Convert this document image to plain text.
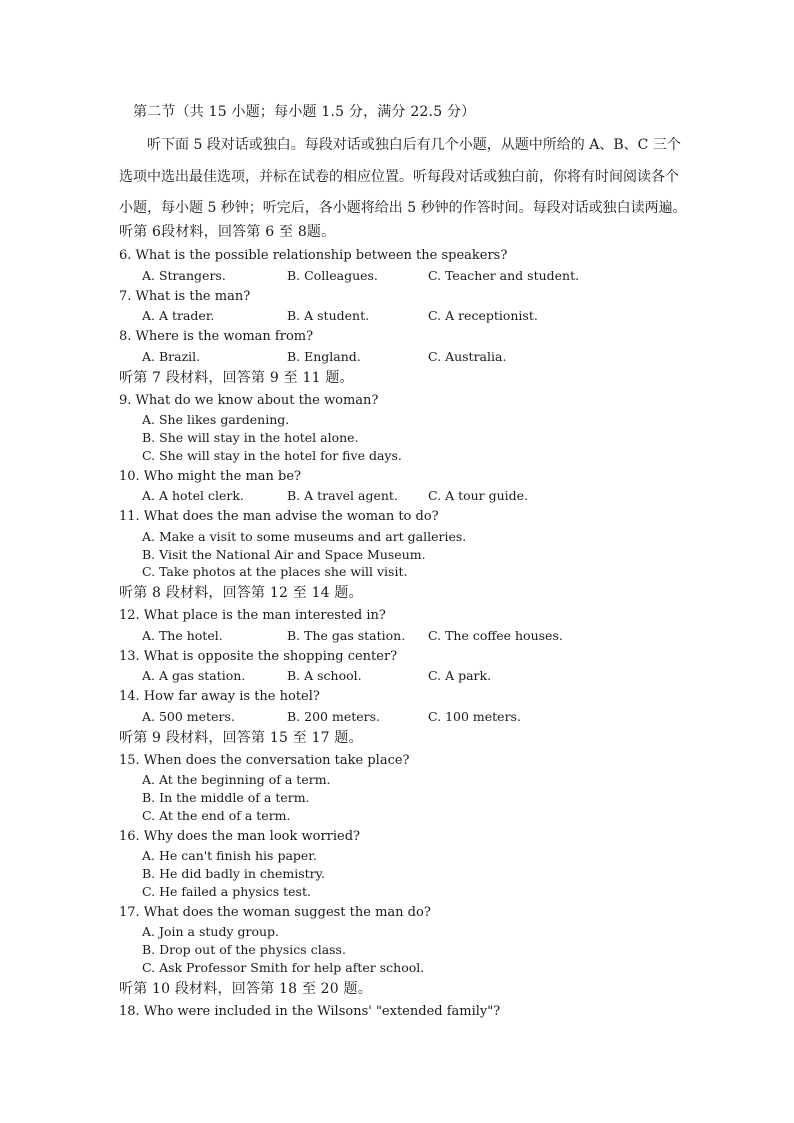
第二节（共 15 小题；每小题 1.5 分，满分 22.5 分）
听下面 5 段对话或独白。每段对话或独白后有几个小题，从题中所给的 A、B、C 三个
选项中选出最佳选项，并标在试卷的相应位置。听每段对话或独白前，你将有时间阅读各个
小题，每小题 5 秒钟；听完后，各小题将给出 5 秒钟的作答时间。每段对话或独白读两遍。
听第 6段材料，回答第 6 至 8题。
6. What is the possible relationship between the speakers?
A. Strangers.	B. Colleagues.	C. Teacher and student.
7. What is the man?
A. A trader.	B. A student.	C. A receptionist.
8. Where is the woman from?
A. Brazil.	B. England.	C. Australia.
听第 7 段材料，回答第 9 至 11 题。
9. What do we know about the woman?
A. She likes gardening.
B. She will stay in the hotel alone.
C. She will stay in the hotel for five days.
10. Who might the man be?
A. A hotel clerk.	B. A travel agent. C. A tour guide.
11. What does the man advise the woman to do?
A. Make a visit to some museums and art galleries.
B. Visit the National Air and Space Museum.
C. Take photos at the places she will visit.
听第 8 段材料，回答第 12 至 14 题。
12. What place is the man interested in?
A. The hotel.	B. The gas station. C. The coffee houses.
13. What is opposite the shopping center?
A. A gas station.	B. A school.	C. A park.
14. How far away is the hotel?
A. 500 meters.	B. 200 meters.	C. 100 meters.
听第 9 段材料，回答第 15 至 17 题。
15. When does the conversation take place?
A. At the beginning of a term.
B. In the middle of a term.
C. At the end of a term.
16. Why does the man look worried?
A. He can't finish his paper.
B. He did badly in chemistry.
C. He failed a physics test.
17. What does the woman suggest the man do?
A. Join a study group.
B. Drop out of the physics class.
C. Ask Professor Smith for help after school.
听第 10 段材料，回答第 18 至 20 题。
18. Who were included in the Wilsons' "extended family"?
